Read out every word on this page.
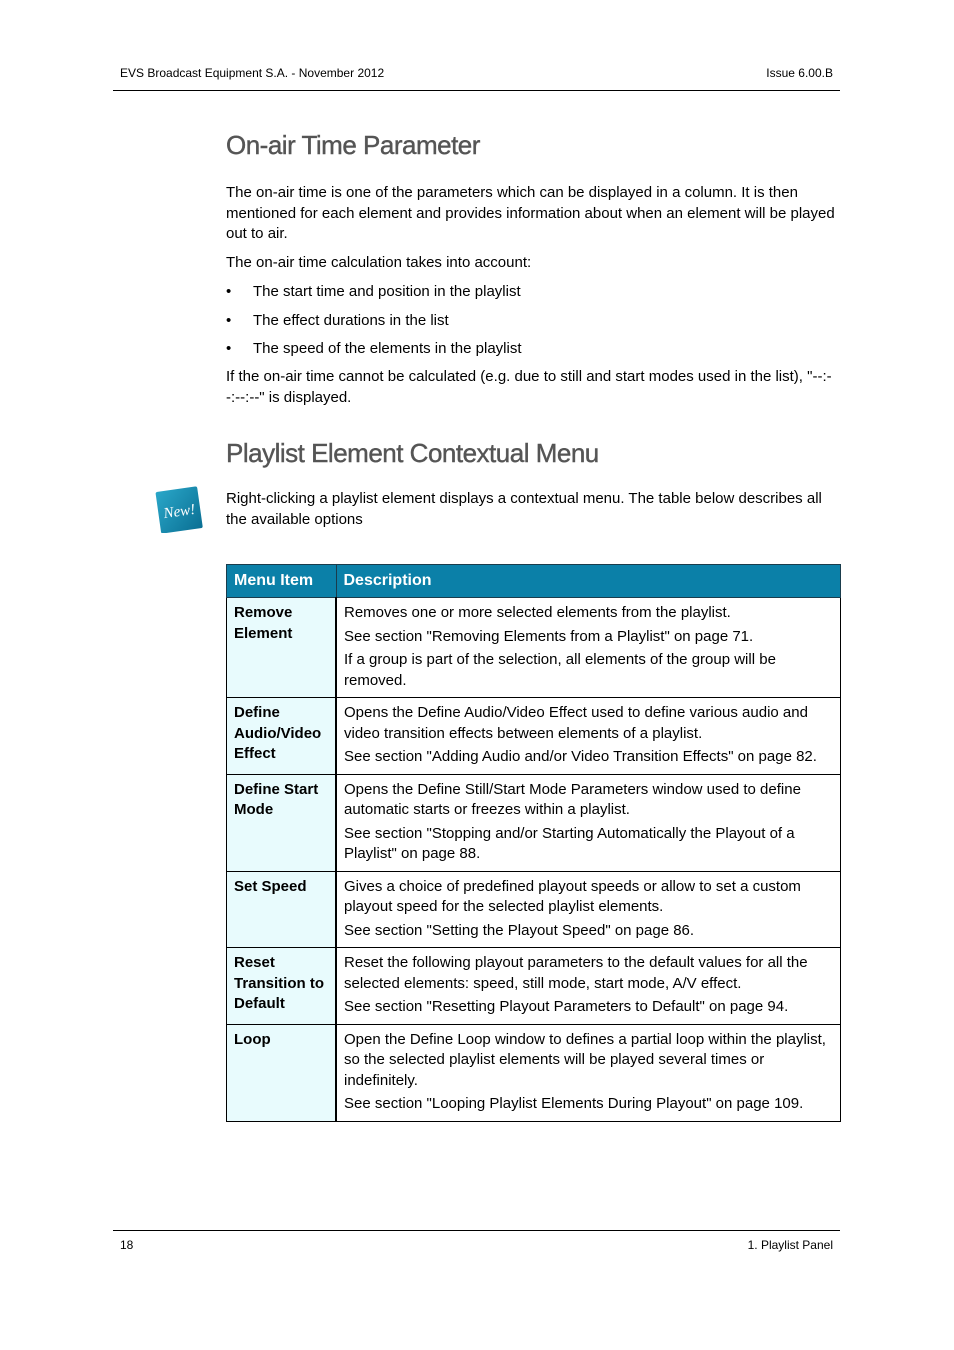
EVS Broadcast Equipment S.A. - November 2012	Issue 6.00.B
On-air Time Parameter

The on-air time is one of the parameters which can be displayed in a column. It is then mentioned for each element and provides information about when an element will be played out to air.

The on-air time calculation takes into account:

• The start time and position in the playlist
• The effect durations in the list
• The speed of the elements in the playlist

If the on-air time cannot be calculated (e.g. due to still and start modes used in the list), "--:--:--:--" is displayed.

Playlist Element Contextual Menu

Right-clicking a playlist element displays a contextual menu. The table below describes all the available options

New!
Menu Item	Description
Remove Element	Removes one or more selected elements from the playlist.
See section "Removing Elements from a Playlist" on page 71.
If a group is part of the selection, all elements of the group will be removed.

Define Audio/Video Effect	Opens the Define Audio/Video Effect used to define various audio and video transition effects between elements of a playlist.
See section "Adding Audio and/or Video Transition Effects" on page 82.

Define Start Mode	Opens the Define Still/Start Mode Parameters window used to define automatic starts or freezes within a playlist.
See section "Stopping and/or Starting Automatically the Playout of a Playlist" on page 88.

Set Speed	Gives a choice of predefined playout speeds or allow to set a custom playout speed for the selected playlist elements.
See section "Setting the Playout Speed" on page 86.

Reset Transition to Default	Reset the following playout parameters to the default values for all the selected elements: speed, still mode, start mode, A/V effect.
See section "Resetting Playout Parameters to Default" on page 94.

Loop	Open the Define Loop window to defines a partial loop within the playlist, so the selected playlist elements will be played several times or indefinitely.
See section "Looping Playlist Elements During Playout" on page 109.
18	1. Playlist Panel
